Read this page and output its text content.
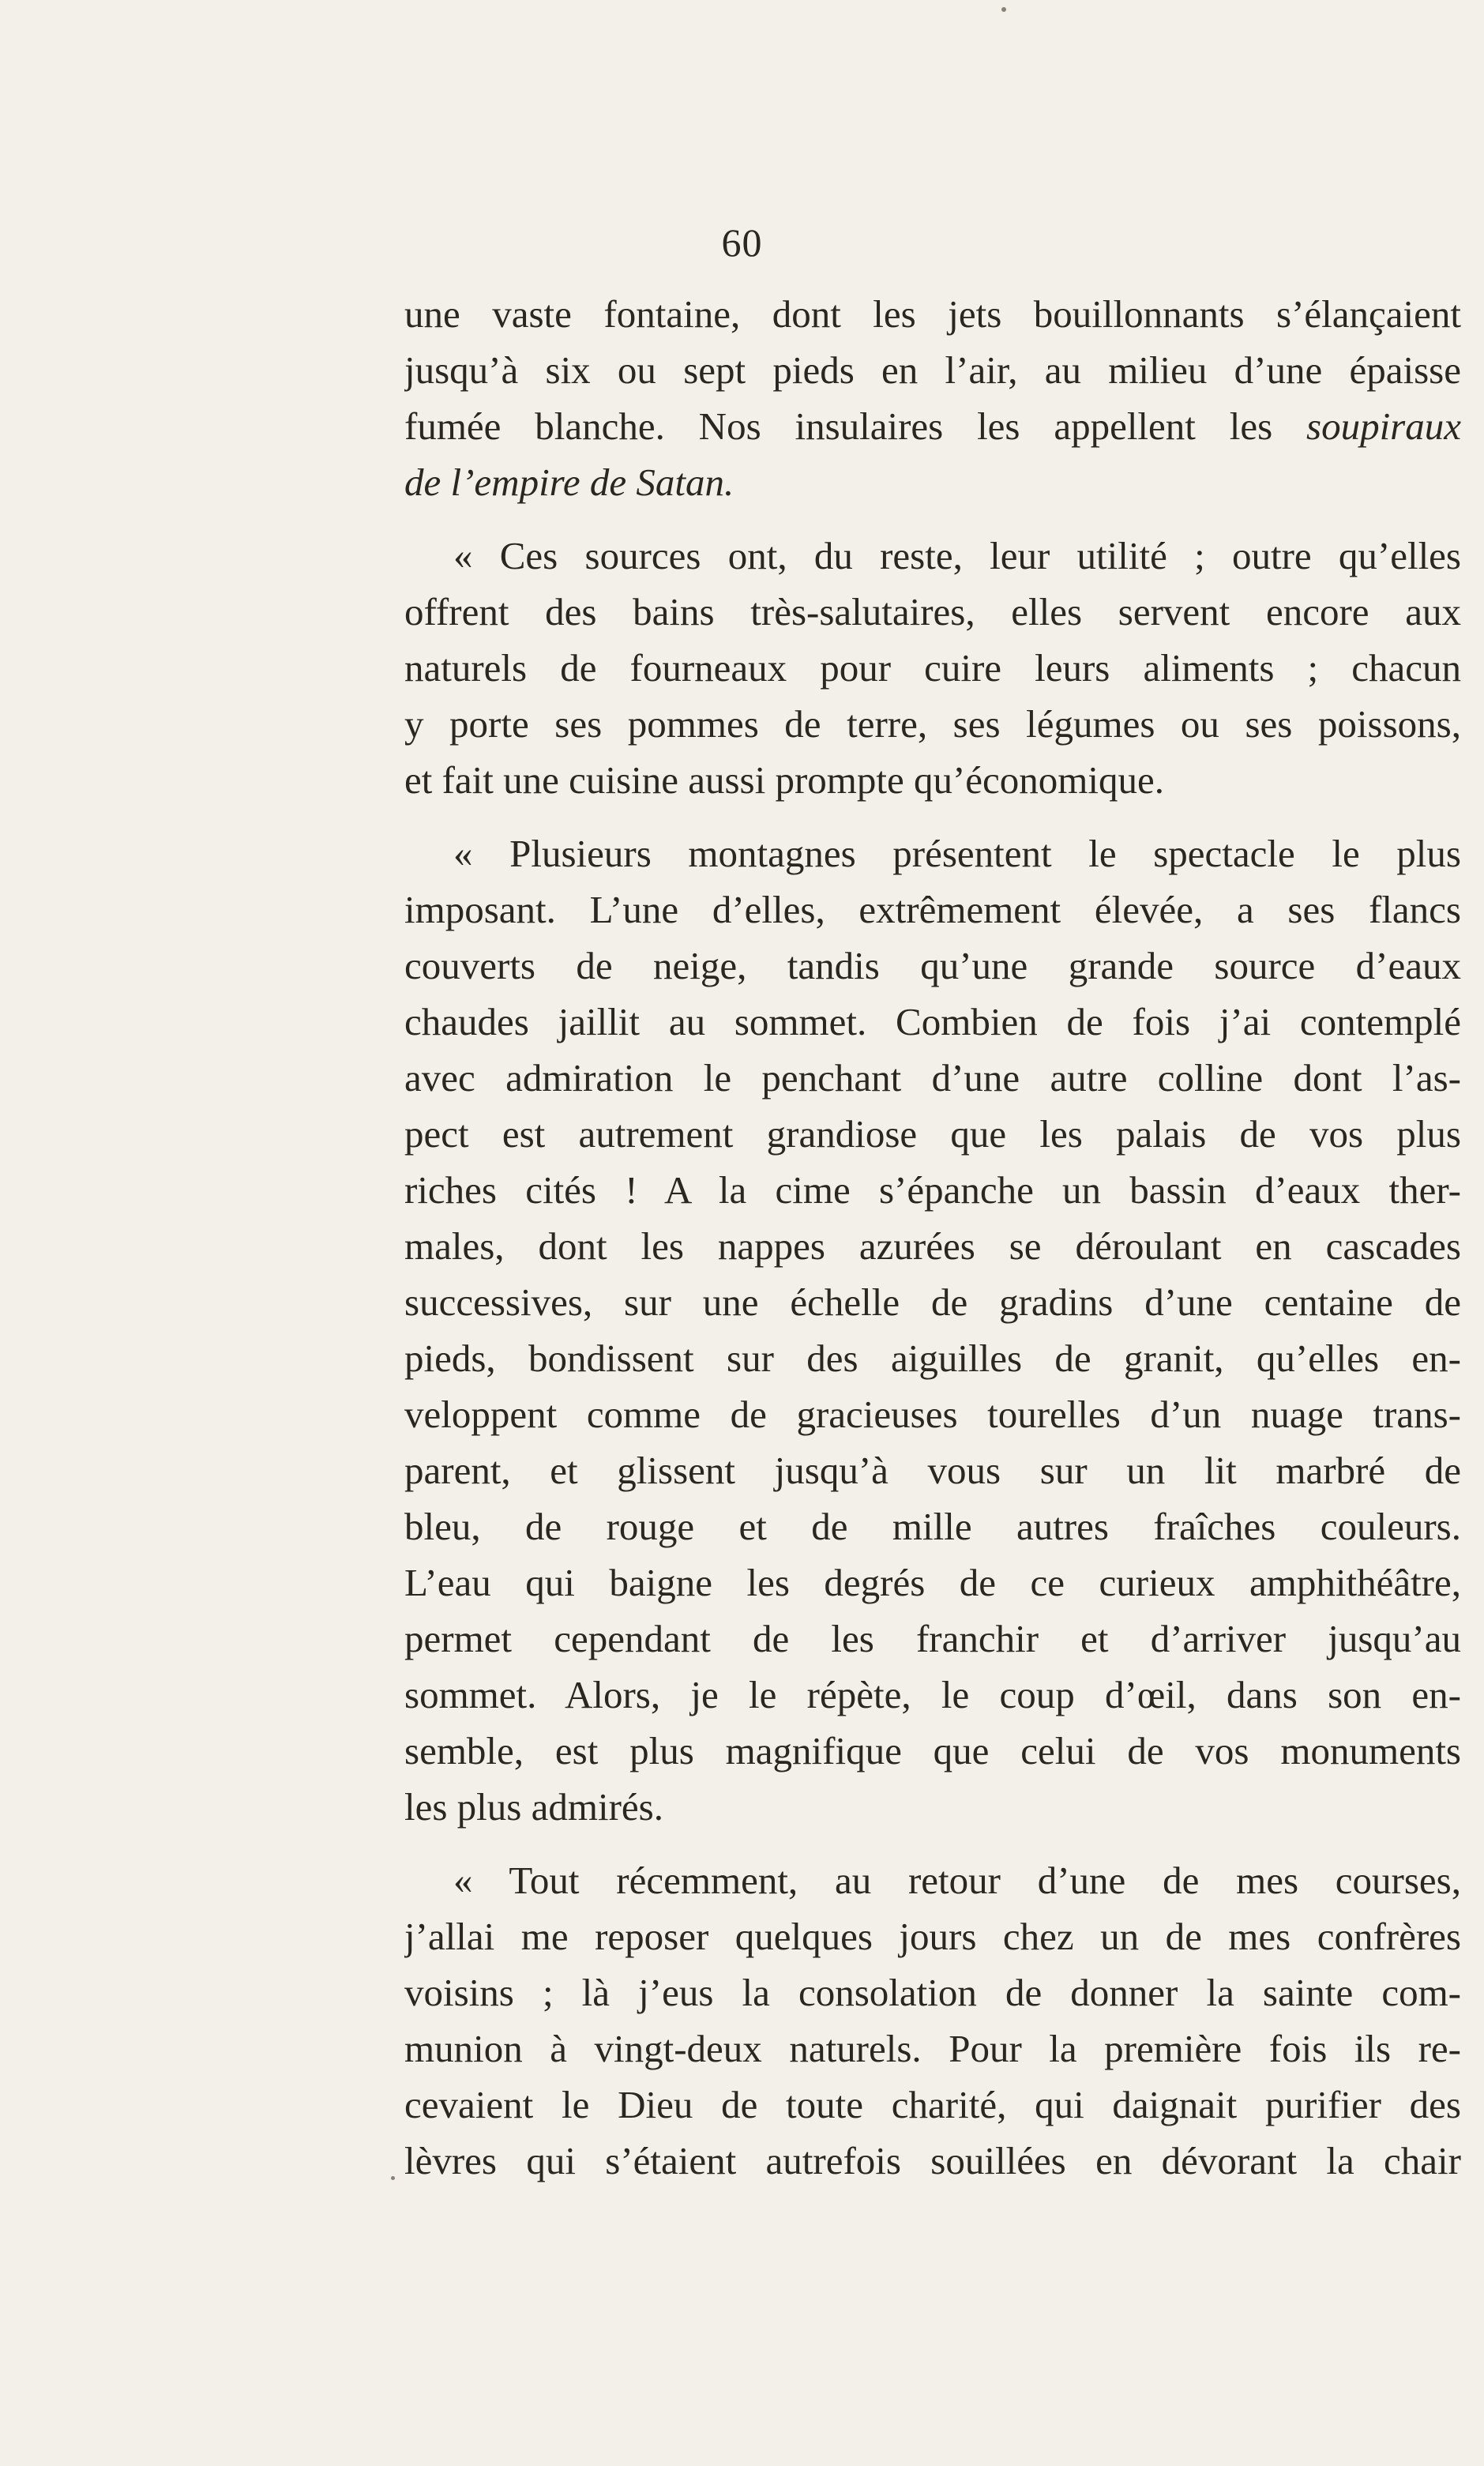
60

une vaste fontaine, dont les jets bouillonnants s’élançaient
jusqu’à six ou sept pieds en l’air, au milieu d’une épaisse
fumée blanche. Nos insulaires les appellent les soupiraux
de l’empire de Satan.

« Ces sources ont, du reste, leur utilité ; outre qu’elles
offrent des bains très-salutaires, elles servent encore aux
naturels de fourneaux pour cuire leurs aliments ; chacun
y porte ses pommes de terre, ses légumes ou ses poissons,
et fait une cuisine aussi prompte qu’économique.

« Plusieurs montagnes présentent le spectacle le plus
imposant. L’une d’elles, extrêmement élevée, a ses flancs
couverts de neige, tandis qu’une grande source d’eaux
chaudes jaillit au sommet. Combien de fois j’ai contemplé
avec admiration le penchant d’une autre colline dont l’as-
pect est autrement grandiose que les palais de vos plus
riches cités ! A la cime s’épanche un bassin d’eaux ther-
males, dont les nappes azurées se déroulant en cascades
successives, sur une échelle de gradins d’une centaine de
pieds, bondissent sur des aiguilles de granit, qu’elles en-
veloppent comme de gracieuses tourelles d’un nuage trans-
parent, et glissent jusqu’à vous sur un lit marbré de
bleu, de rouge et de mille autres fraîches couleurs.
L’eau qui baigne les degrés de ce curieux amphithéâtre,
permet cependant de les franchir et d’arriver jusqu’au
sommet. Alors, je le répète, le coup d’œil, dans son en-
semble, est plus magnifique que celui de vos monuments
les plus admirés.

« Tout récemment, au retour d’une de mes courses,
j’allai me reposer quelques jours chez un de mes confrères
voisins ; là j’eus la consolation de donner la sainte com-
munion à vingt-deux naturels. Pour la première fois ils re-
cevaient le Dieu de toute charité, qui daignait purifier des
lèvres qui s’étaient autrefois souillées en dévorant la chair
